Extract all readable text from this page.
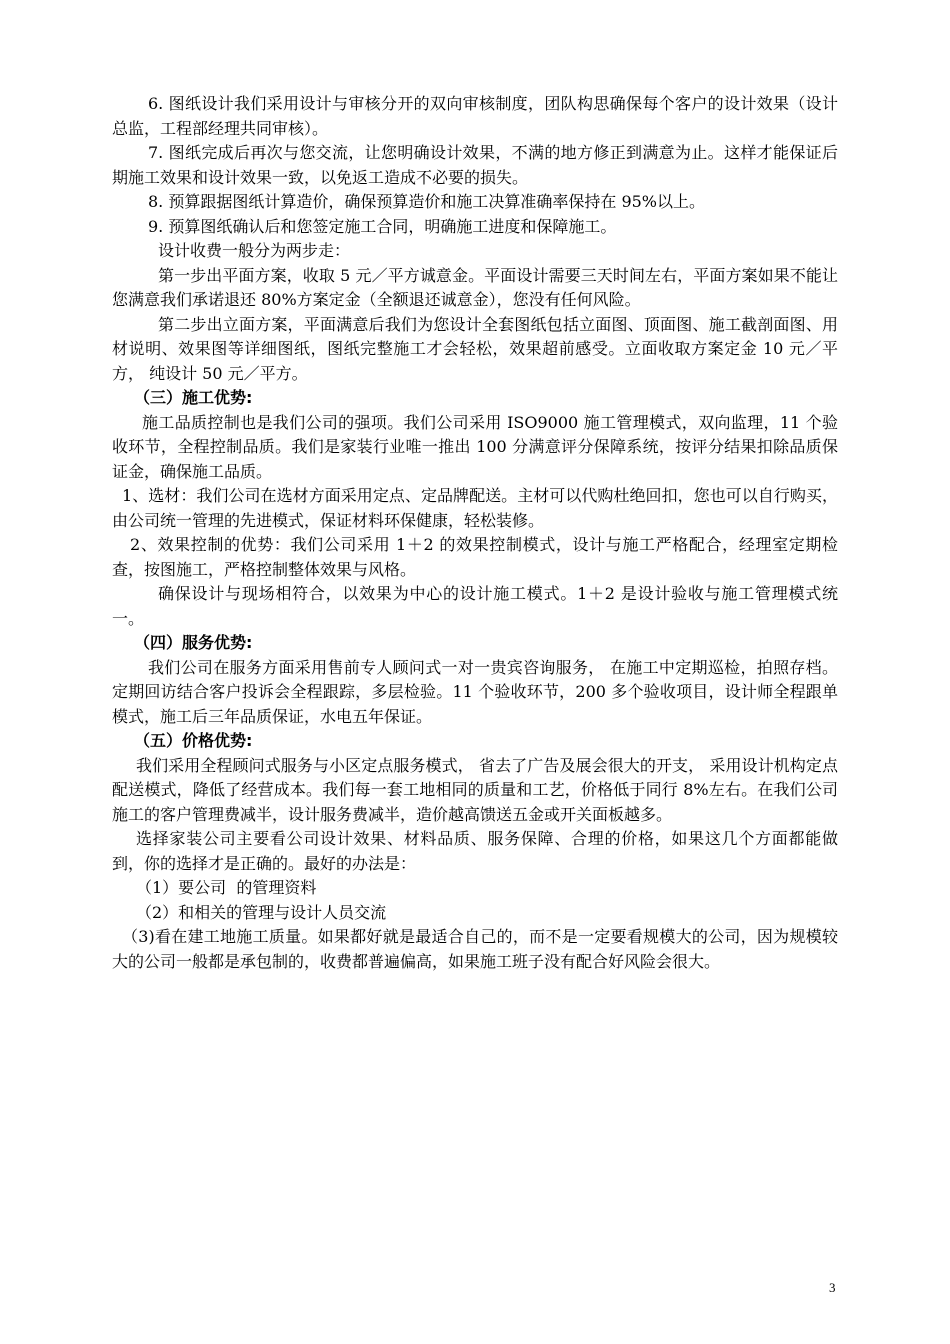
6. 图纸设计我们采用设计与审核分开的双向审核制度，团队构思确保每个客户的设计效果（设计总监，工程部经理共同审核）。

7. 图纸完成后再次与您交流，让您明确设计效果，不满的地方修正到满意为止。这样才能保证后期施工效果和设计效果一致，以免返工造成不必要的损失。

8. 预算跟据图纸计算造价，确保预算造价和施工决算准确率保持在 95%以上。

9. 预算图纸确认后和您签定施工合同，明确施工进度和保障施工。

设计收费一般分为两步走：

第一步出平面方案，收取 5 元／平方诚意金。平面设计需要三天时间左右，平面方案如果不能让您满意我们承诺退还 80%方案定金（全额退还诚意金），您没有任何风险。

第二步出立面方案，平面满意后我们为您设计全套图纸包括立面图、顶面图、施工截剖面图、用材说明、效果图等详细图纸，图纸完整施工才会轻松，效果超前感受。立面收取方案定金 10 元／平方， 纯设计 50 元／平方。

（三）施工优势:

施工品质控制也是我们公司的强项。我们公司采用 ISO9000 施工管理模式，双向监理，11 个验收环节，全程控制品质。我们是家装行业唯一推出 100 分满意评分保障系统，按评分结果扣除品质保证金，确保施工品质。

1、选材：我们公司在选材方面采用定点、定品牌配送。主材可以代购杜绝回扣，您也可以自行购买，由公司统一管理的先进模式，保证材料环保健康，轻松装修。

2、效果控制的优势：我们公司采用 1＋2 的效果控制模式，设计与施工严格配合，经理室定期检查，按图施工，严格控制整体效果与风格。

确保设计与现场相符合，以效果为中心的设计施工模式。1＋2 是设计验收与施工管理模式统一。

（四）服务优势:

我们公司在服务方面采用售前专人顾问式一对一贵宾咨询服务， 在施工中定期巡检，拍照存档。定期回访结合客户投诉会全程跟踪，多层检验。11 个验收环节，200 多个验收项目，设计师全程跟单模式，施工后三年品质保证，水电五年保证。

（五）价格优势:

我们采用全程顾问式服务与小区定点服务模式， 省去了广告及展会很大的开支， 采用设计机构定点配送模式，降低了经营成本。我们每一套工地相同的质量和工艺，价格低于同行 8%左右。在我们公司施工的客户管理费减半，设计服务费减半，造价越高馈送五金或开关面板越多。

选择家装公司主要看公司设计效果、材料品质、服务保障、合理的价格，如果这几个方面都能做到，你的选择才是正确的。最好的办法是：

（1）要公司  的管理资料

（2）和相关的管理与设计人员交流

（3)看在建工地施工质量。如果都好就是最适合自己的，而不是一定要看规模大的公司，因为规模较大的公司一般都是承包制的，收费都普遍偏高，如果施工班子没有配合好风险会很大。

3
